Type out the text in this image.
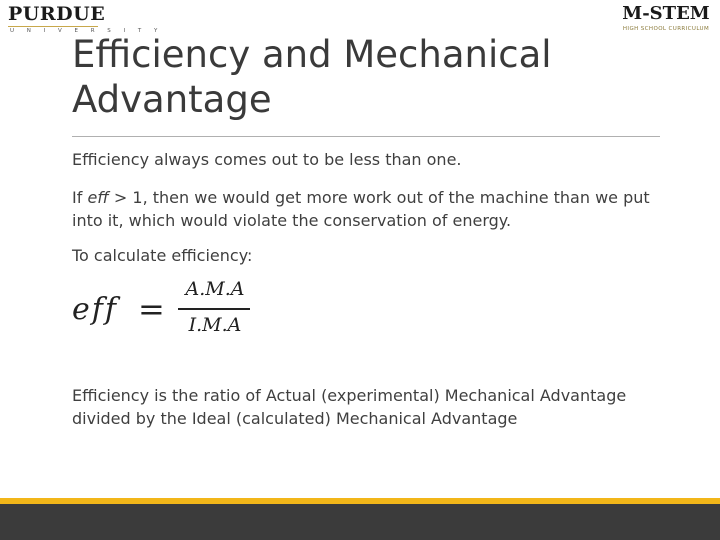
PURDUE
U N I V E R S I T Y
M-STEM
HIGH SCHOOL CURRICULUM
Efficiency and Mechanical
Advantage

Efficiency always comes out to be less than one.

If eff > 1, then we would get more work out of the machine than we put into it, which would violate the conservation of energy.

To calculate efficiency:

eff =
A.M.A
I.M.A

Efficiency is the ratio of Actual (experimental) Mechanical Advantage divided by the Ideal (calculated) Mechanical Advantage
